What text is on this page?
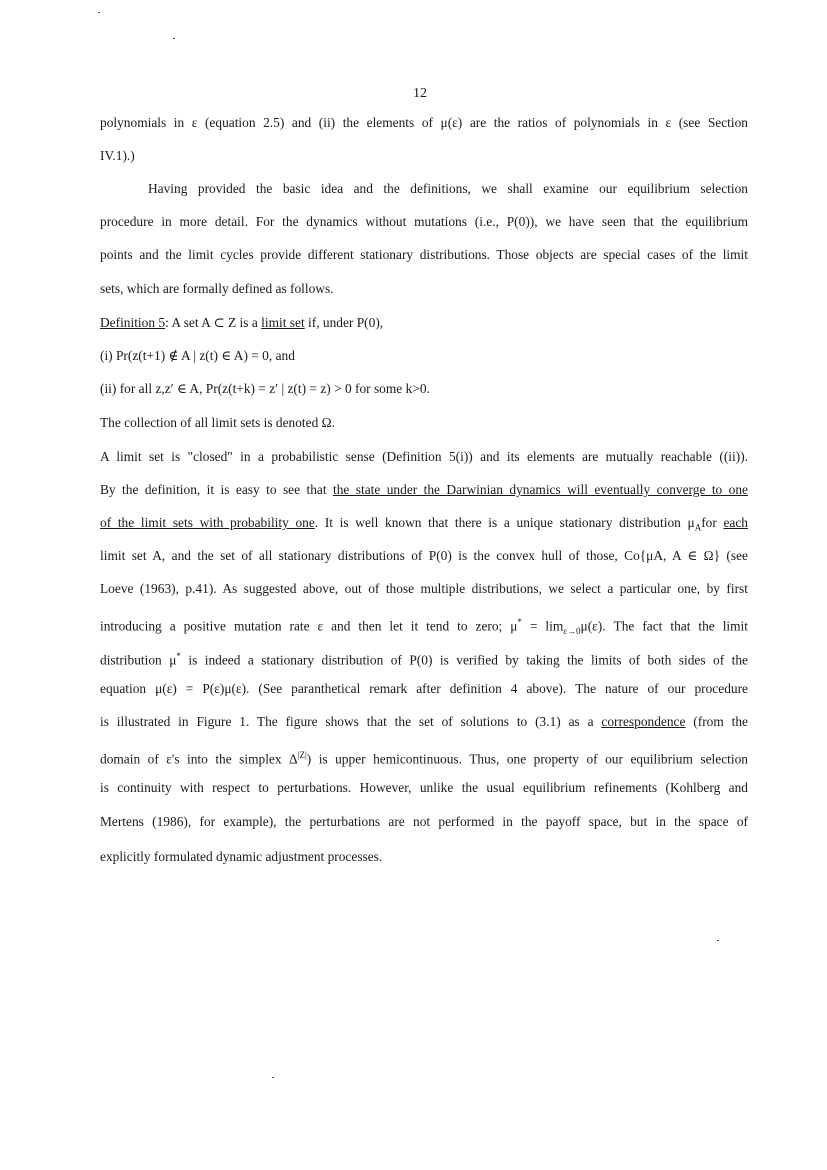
12
polynomials in ε (equation 2.5) and (ii) the elements of μ(ε) are the ratios of polynomials in ε (see Section
IV.1).)
Having provided the basic idea and the definitions, we shall examine our equilibrium selection
procedure in more detail. For the dynamics without mutations (i.e., P(0)), we have seen that the equilibrium
points and the limit cycles provide different stationary distributions. Those objects are special cases of the limit
sets, which are formally defined as follows.
Definition 5: A set A ⊂ Z is a limit set if, under P(0),
(i) Pr(z(t+1) ∉ A | z(t) ∈ A) = 0, and
(ii) for all z,z′ ∈ A, Pr(z(t+k) = z′ | z(t) = z) > 0 for some k>0.
The collection of all limit sets is denoted Ω.
A limit set is "closed" in a probabilistic sense (Definition 5(i)) and its elements are mutually reachable ((ii)).
By the definition, it is easy to see that the state under the Darwinian dynamics will eventually converge to one
of the limit sets with probability one. It is well known that there is a unique stationary distribution $\mu_Afor$ each
limit set A, and the set of all stationary distributions of P(0) is the convex hull of those, Co{μA, A ∈ Ω} (see
Loeve (1963), p.41). As suggested above, out of those multiple distributions, we select a particular one, by first
introducing a positive mutation rate ε and then let it tend to zero; $\mu^* = \lim_{\varepsilon\to 0}\mu(\varepsilon)$. The fact that the limit
distribution μ* is indeed a stationary distribution of P(0) is verified by taking the limits of both sides of the
equation μ(ε) = P(ε)μ(ε). (See paranthetical remark after definition 4 above). The nature of our procedure
is illustrated in Figure 1. The figure shows that the set of solutions to (3.1) as a correspondence (from the
domain of ε's into the simplex $\Delta^{|Z|}$) is upper hemicontinuous. Thus, one property of our equilibrium selection
is continuity with respect to perturbations. However, unlike the usual equilibrium refinements (Kohlberg and
Mertens (1986), for example), the perturbations are not performed in the payoff space, but in the space of
explicitly formulated dynamic adjustment processes.
